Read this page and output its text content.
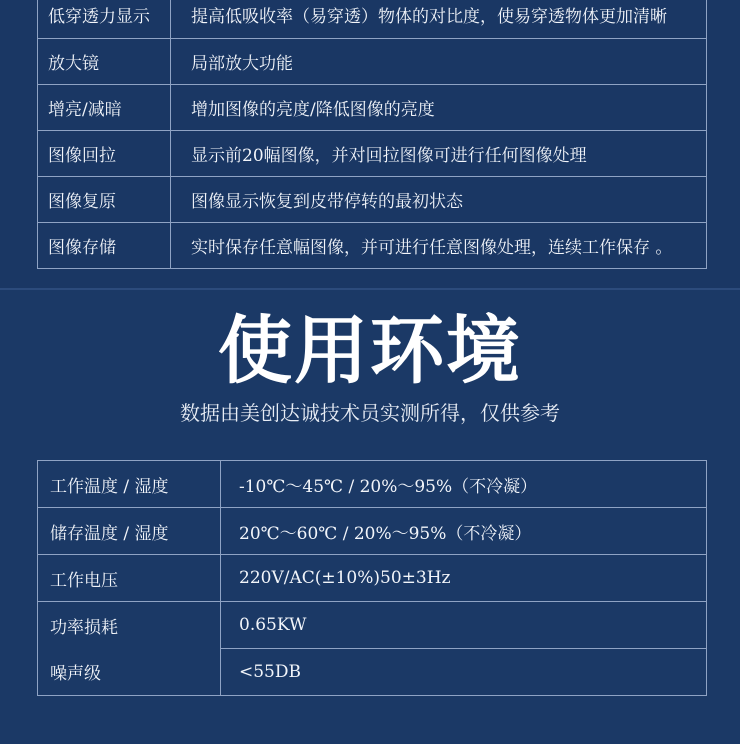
低穿透力显示	提高低吸收率（易穿透）物体的对比度，使易穿透物体更加清晰
放大镜	局部放大功能
增亮/减暗	增加图像的亮度/降低图像的亮度
图像回拉	显示前20幅图像，并对回拉图像可进行任何图像处理
图像复原	图像显示恢复到皮带停转的最初状态
图像存储	实时保存任意幅图像，并可进行任意图像处理，连续工作保存 。
使用环境
数据由美创达诚技术员实测所得，仅供参考
工作温度 / 湿度	-10℃～45℃ / 20%～95%（不冷凝）
储存温度 / 湿度	20℃～60℃ / 20%～95%（不冷凝）
工作电压	220V/AC(±10%)50±3Hz
功率损耗	0.65KW
噪声级	<55DB
